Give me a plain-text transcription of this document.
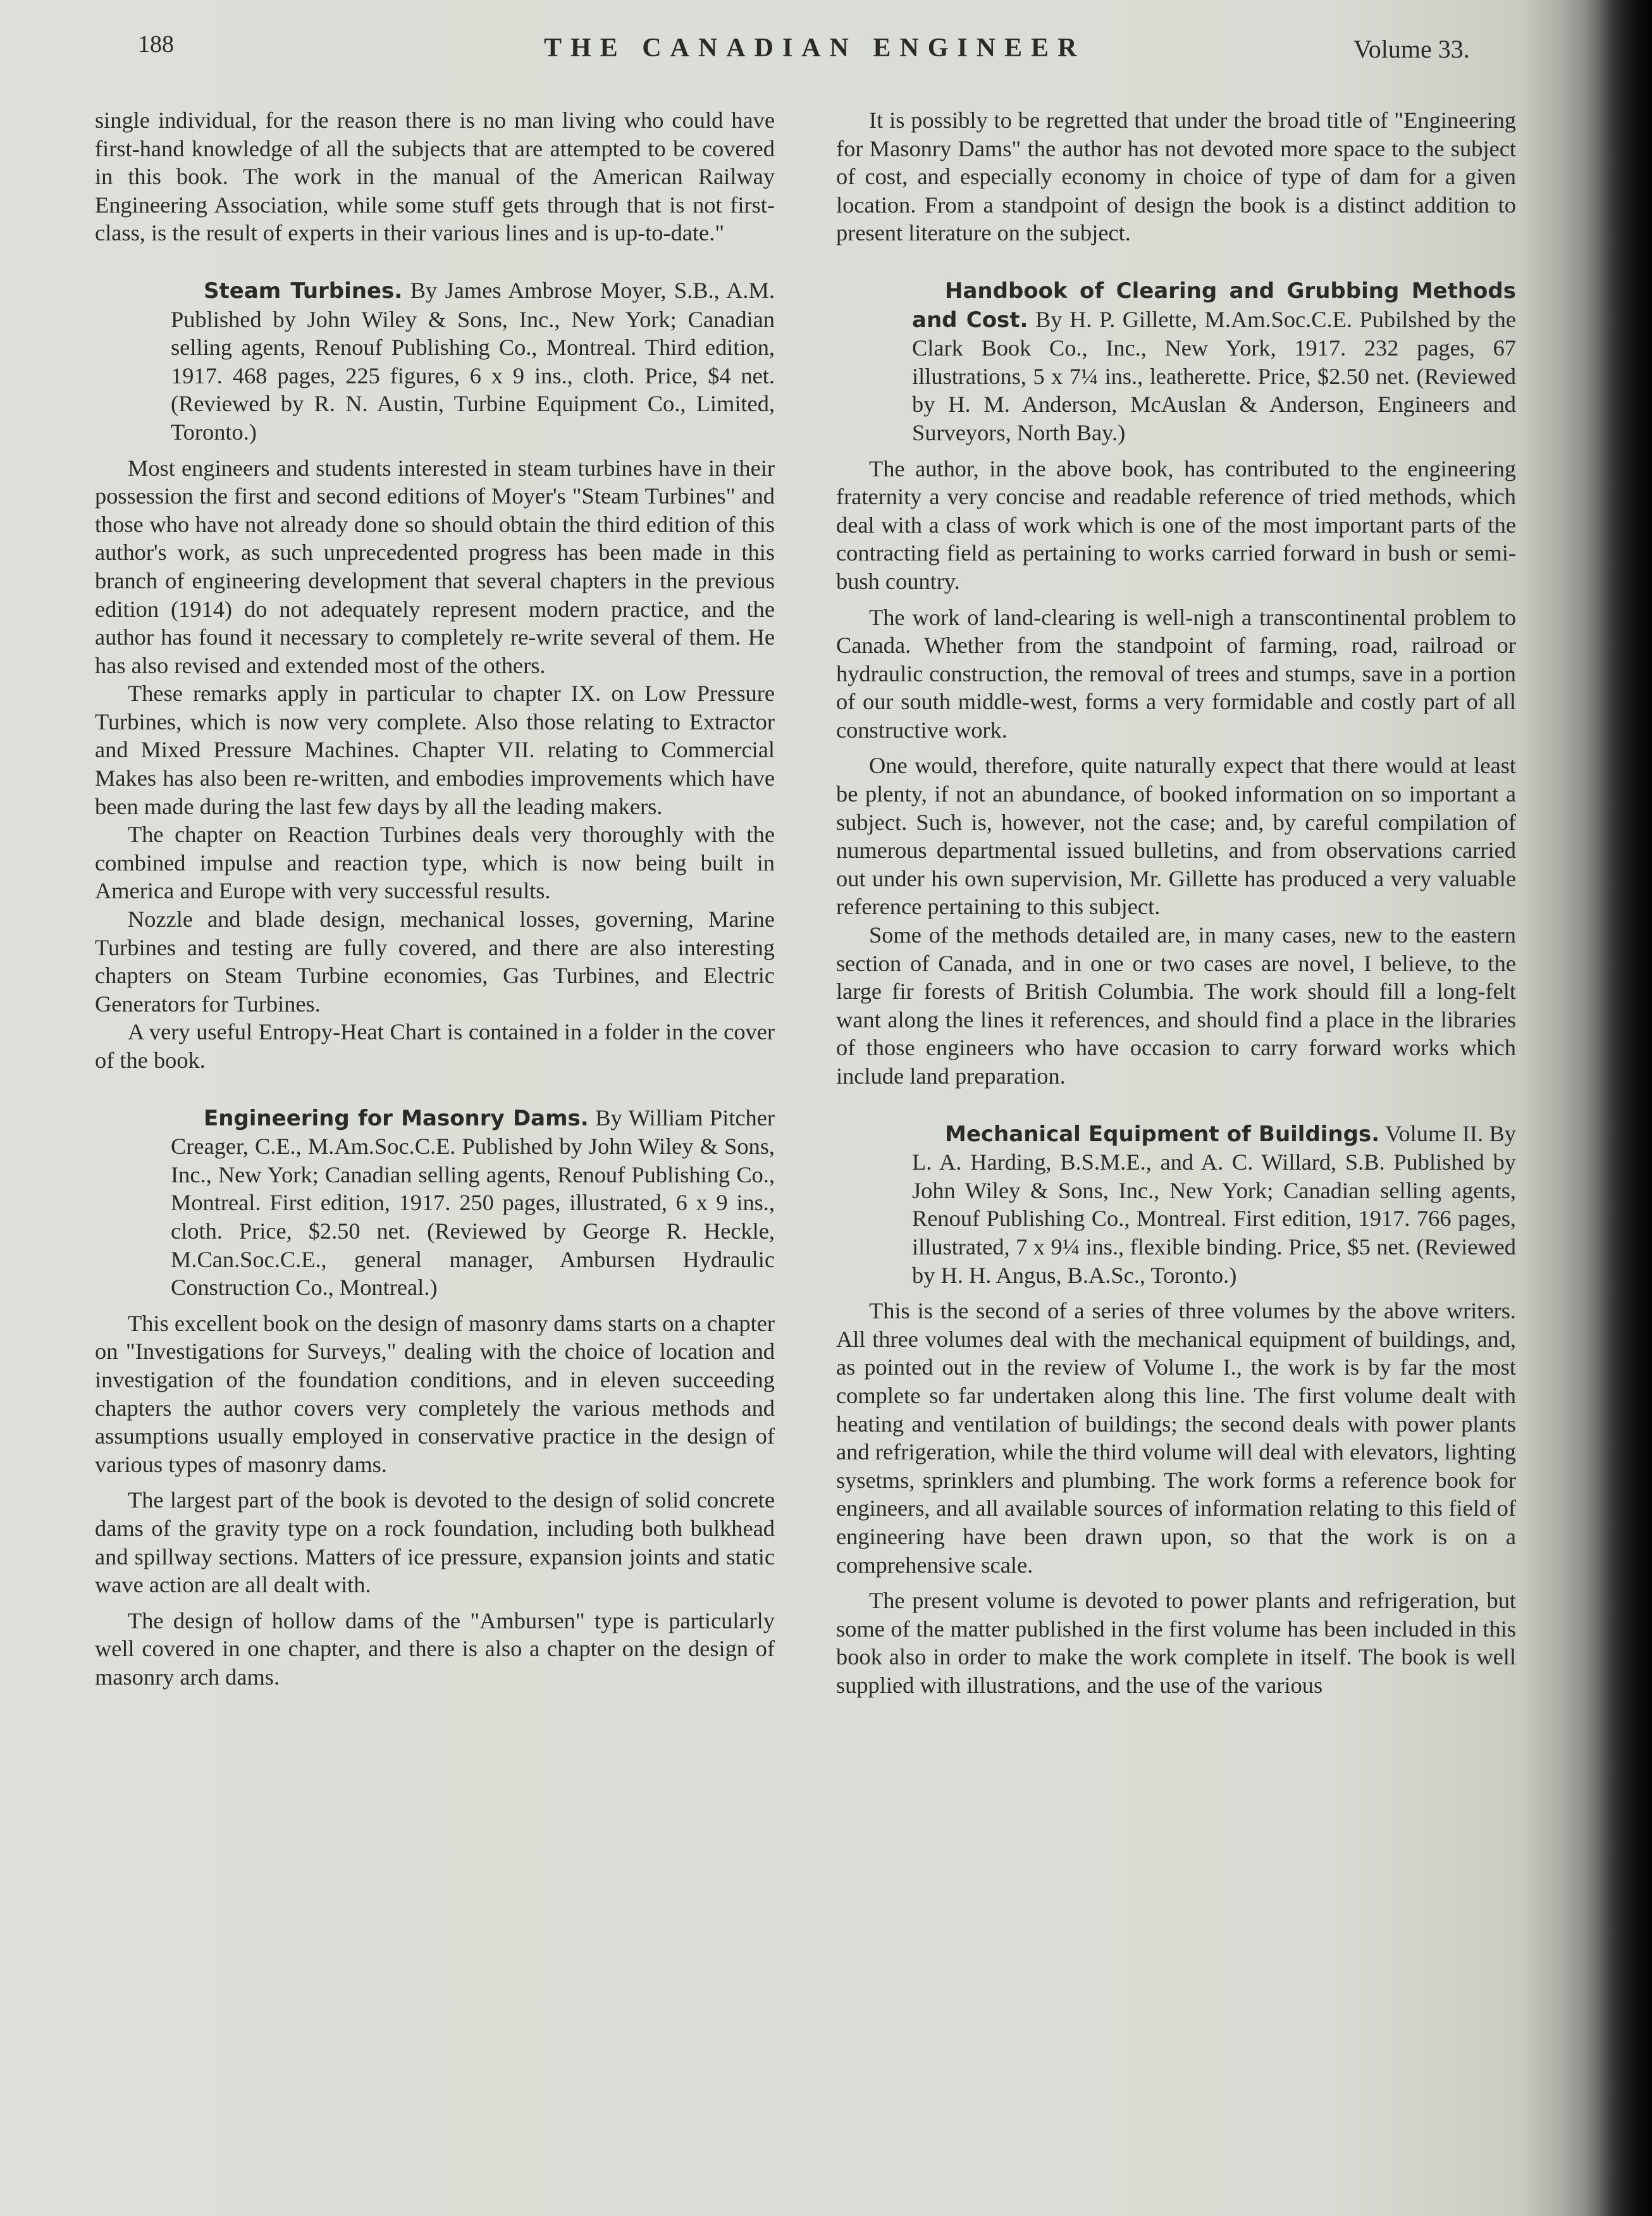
188	THE CANADIAN ENGINEER	Volume 33.

single individual, for the reason there is no man living who could have first-hand knowledge of all the subjects that are attempted to be covered in this book. The work in the manual of the American Railway Engineering Association, while some stuff gets through that is not first-class, is the result of experts in their various lines and is up-to-date."

Steam Turbines. By James Ambrose Moyer, S.B., A.M. Published by John Wiley & Sons, Inc., New York; Canadian selling agents, Renouf Publishing Co., Montreal. Third edition, 1917. 468 pages, 225 figures, 6 x 9 ins., cloth. Price, $4 net. (Reviewed by R. N. Austin, Turbine Equipment Co., Limited, Toronto.)

Most engineers and students interested in steam turbines have in their possession the first and second editions of Moyer's "Steam Turbines" and those who have not already done so should obtain the third edition of this author's work, as such unprecedented progress has been made in this branch of engineering development that several chapters in the previous edition (1914) do not adequately represent modern practice, and the author has found it necessary to completely re-write several of them. He has also revised and extended most of the others.

These remarks apply in particular to chapter IX. on Low Pressure Turbines, which is now very complete. Also those relating to Extractor and Mixed Pressure Machines. Chapter VII. relating to Commercial Makes has also been re-written, and embodies improvements which have been made during the last few days by all the leading makers.

The chapter on Reaction Turbines deals very thoroughly with the combined impulse and reaction type, which is now being built in America and Europe with very successful results.

Nozzle and blade design, mechanical losses, governing, Marine Turbines and testing are fully covered, and there are also interesting chapters on Steam Turbine economies, Gas Turbines, and Electric Generators for Turbines.

A very useful Entropy-Heat Chart is contained in a folder in the cover of the book.

Engineering for Masonry Dams. By William Pitcher Creager, C.E., M.Am.Soc.C.E. Published by John Wiley & Sons, Inc., New York; Canadian selling agents, Renouf Publishing Co., Montreal. First edition, 1917. 250 pages, illustrated, 6 x 9 ins., cloth. Price, $2.50 net. (Reviewed by George R. Heckle, M.Can.Soc.C.E., general manager, Ambursen Hydraulic Construction Co., Montreal.)

This excellent book on the design of masonry dams starts on a chapter on "Investigations for Surveys," dealing with the choice of location and investigation of the foundation conditions, and in eleven succeeding chapters the author covers very completely the various methods and assumptions usually employed in conservative practice in the design of various types of masonry dams.

The largest part of the book is devoted to the design of solid concrete dams of the gravity type on a rock foundation, including both bulkhead and spillway sections. Matters of ice pressure, expansion joints and static wave action are all dealt with.

The design of hollow dams of the "Ambursen" type is particularly well covered in one chapter, and there is also a chapter on the design of masonry arch dams.

It is possibly to be regretted that under the broad title of "Engineering for Masonry Dams" the author has not devoted more space to the subject of cost, and especially economy in choice of type of dam for a given location. From a standpoint of design the book is a distinct addition to present literature on the subject.

Handbook of Clearing and Grubbing Methods and Cost. By H. P. Gillette, M.Am.Soc.C.E. Pubilshed by the Clark Book Co., Inc., New York, 1917. 232 pages, 67 illustrations, 5 x 7¼ ins., leatherette. Price, $2.50 net. (Reviewed by H. M. Anderson, McAuslan & Anderson, Engineers and Surveyors, North Bay.)

The author, in the above book, has contributed to the engineering fraternity a very concise and readable reference of tried methods, which deal with a class of work which is one of the most important parts of the contracting field as pertaining to works carried forward in bush or semi-bush country.

The work of land-clearing is well-nigh a transcontinental problem to Canada. Whether from the standpoint of farming, road, railroad or hydraulic construction, the removal of trees and stumps, save in a portion of our south middle-west, forms a very formidable and costly part of all constructive work.

One would, therefore, quite naturally expect that there would at least be plenty, if not an abundance, of booked information on so important a subject. Such is, however, not the case; and, by careful compilation of numerous departmental issued bulletins, and from observations carried out under his own supervision, Mr. Gillette has produced a very valuable reference pertaining to this subject.

Some of the methods detailed are, in many cases, new to the eastern section of Canada, and in one or two cases are novel, I believe, to the large fir forests of British Columbia. The work should fill a long-felt want along the lines it references, and should find a place in the libraries of those engineers who have occasion to carry forward works which include land preparation.

Mechanical Equipment of Buildings. Volume II. By L. A. Harding, B.S.M.E., and A. C. Willard, S.B. Published by John Wiley & Sons, Inc., New York; Canadian selling agents, Renouf Publishing Co., Montreal. First edition, 1917. 766 pages, illustrated, 7 x 9¼ ins., flexible binding. Price, $5 net. (Reviewed by H. H. Angus, B.A.Sc., Toronto.)

This is the second of a series of three volumes by the above writers. All three volumes deal with the mechanical equipment of buildings, and, as pointed out in the review of Volume I., the work is by far the most complete so far undertaken along this line. The first volume dealt with heating and ventilation of buildings; the second deals with power plants and refrigeration, while the third volume will deal with elevators, lighting sysetms, sprinklers and plumbing. The work forms a reference book for engineers, and all available sources of information relating to this field of engineering have been drawn upon, so that the work is on a comprehensive scale.

The present volume is devoted to power plants and refrigeration, but some of the matter published in the first volume has been included in this book also in order to make the work complete in itself. The book is well supplied with illustrations, and the use of the various
